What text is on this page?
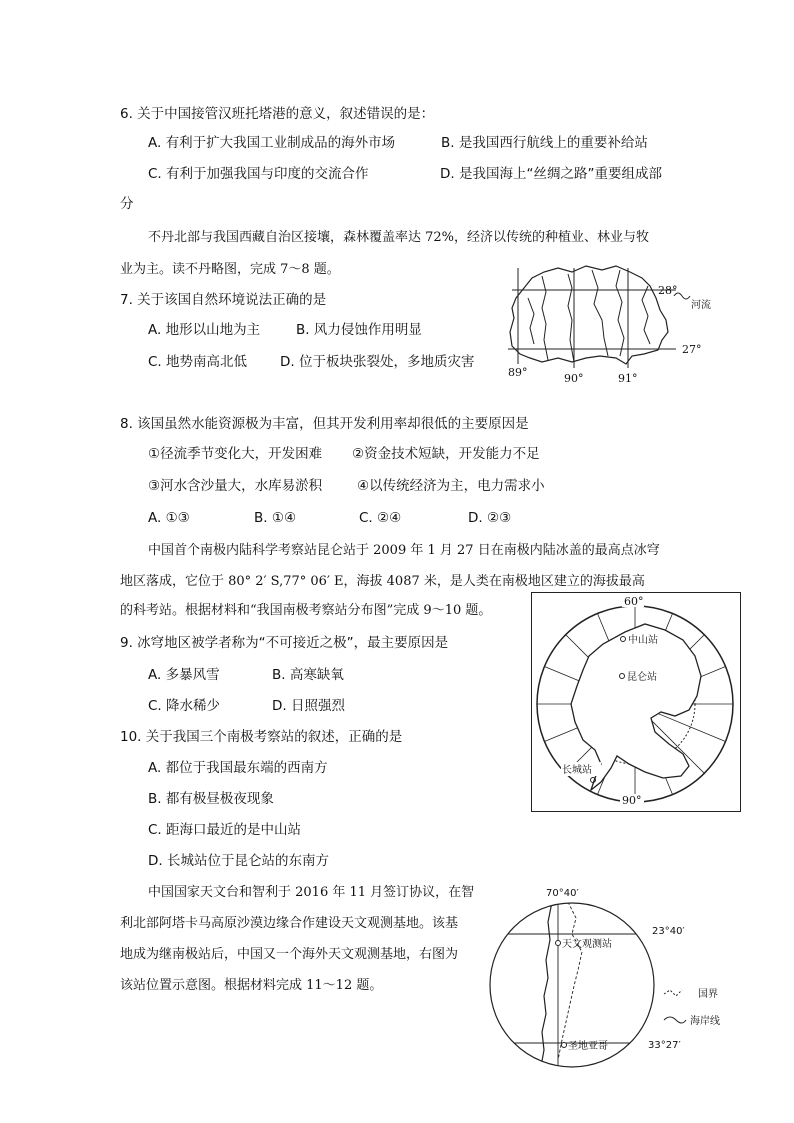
6. 关于中国接管汉班托塔港的意义，叙述错误的是：
A. 有利于扩大我国工业制成品的海外市场	B. 是我国西行航线上的重要补给站
C. 有利于加强我国与印度的交流合作	D. 是我国海上“丝绸之路”重要组成部
分
不丹北部与我国西藏自治区接壤，森林覆盖率达 72%，经济以传统的种植业、林业与牧
业为主。读不丹略图，完成 7～8 题。
7. 关于该国自然环境说法正确的是
A. 地形以山地为主	B. 风力侵蚀作用明显
C. 地势南高北低 D. 位于板块张裂处，多地质灾害
28°
河流
27°
89°	90°	91°
8. 该国虽然水能资源极为丰富，但其开发利用率却很低的主要原因是
①径流季节变化大，开发困难 ②资金技术短缺，开发能力不足
③河水含沙量大，水库易淤积	④以传统经济为主，电力需求小
A. ①③	B. ①④	C. ②④	D. ②③
中国首个南极内陆科学考察站昆仑站于 2009 年 1 月 27 日在南极内陆冰盖的最高点冰穹
地区落成，它位于 80° 2′ S,77° 06′ E，海拔 4087 米，是人类在南极地区建立的海拔最高
的科考站。根据材料和“我国南极考察站分布图”完成 9～10 题。
9. 冰穹地区被学者称为“不可接近之极”，最主要原因是
A. 多暴风雪	B. 高寒缺氧
C. 降水稀少	D. 日照强烈
中山站
昆仑站
长城站
60°
90°
10. 关于我国三个南极考察站的叙述，正确的是
A. 都位于我国最东端的西南方
B. 都有极昼极夜现象
C. 距海口最近的是中山站
D. 长城站位于昆仑站的东南方
中国国家天文台和智利于 2016 年 11 月签订协议，在智
利北部阿塔卡马高原沙漠边缘合作建设天文观测基地。该基
地成为继南极站后，中国又一个海外天文观测基地，右图为
该站位置示意图。根据材料完成 11～12 题。
天文观测站
圣地亚哥
70°40′
23°40′
33°27′
国界
海岸线
